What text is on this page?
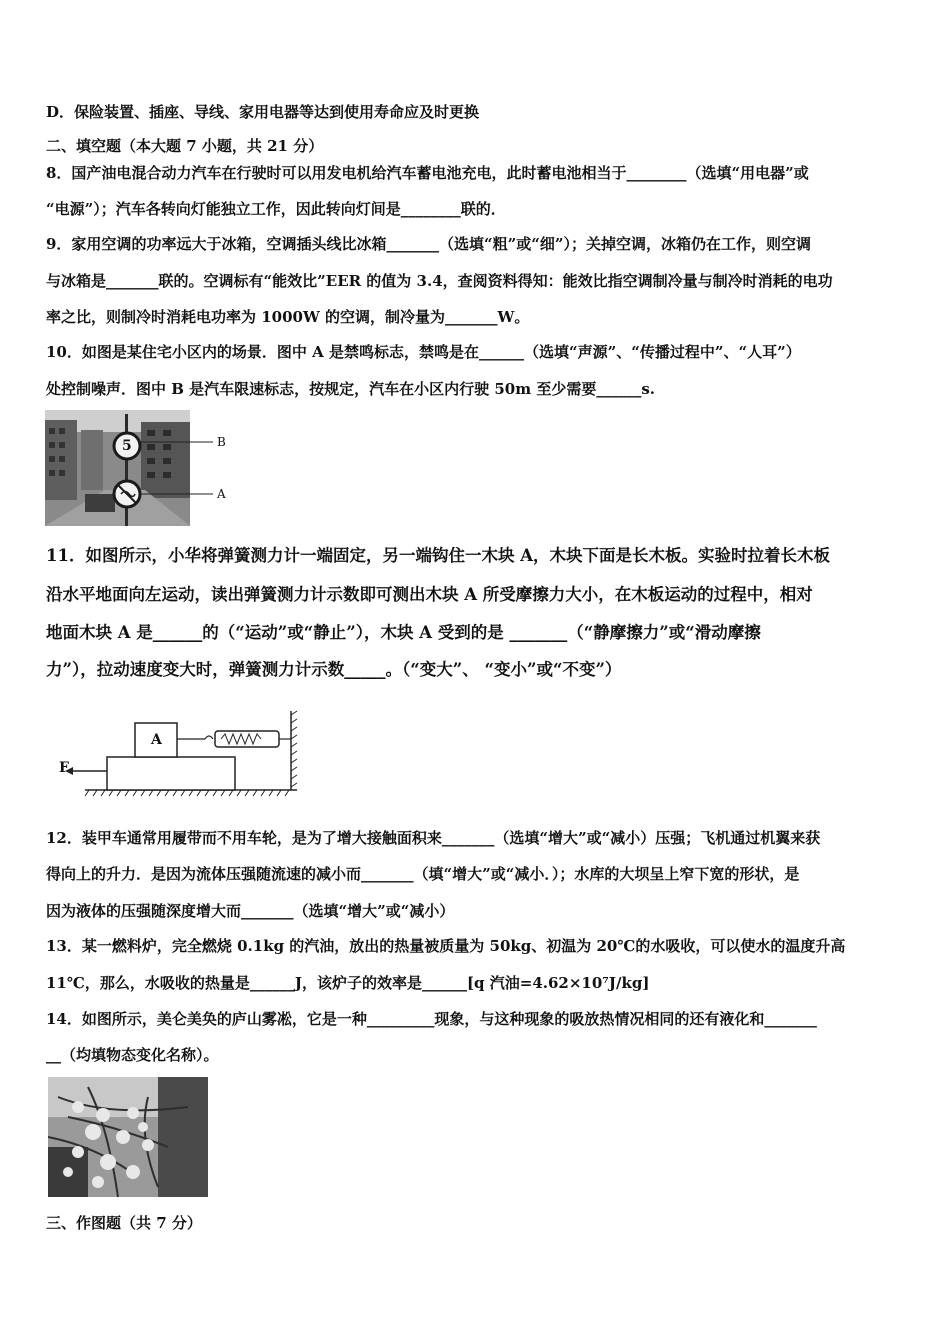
D．保险装置、插座、导线、家用电器等达到使用寿命应及时更换
二、填空题（本大题 7 小题，共 21 分）
8．国产油电混合动力汽车在行驶时可以用发电机给汽车蓄电池充电，此时蓄电池相当于________（选填“用电器”或
“电源”）；汽车各转向灯能独立工作，因此转向灯间是________联的．
9．家用空调的功率远大于冰箱，空调插头线比冰箱_______（选填“粗”或“细”）；关掉空调，冰箱仍在工作，则空调
与冰箱是_______联的。空调标有“能效比”EER 的值为 3.4，查阅资料得知：能效比指空调制冷量与制冷时消耗的电功
率之比，则制冷时消耗电功率为 1000W 的空调，制冷量为_______W。
10．如图是某住宅小区内的场景．图中 A 是禁鸣标志，禁鸣是在______（选填“声源”、“传播过程中”、“人耳”）
处控制噪声．图中 B 是汽车限速标志，按规定，汽车在小区内行驶 50m 至少需要______s.
5	B
A
11．如图所示，小华将弹簧测力计一端固定，另一端钩住一木块 A，木块下面是长木板。实验时拉着长木板
沿水平地面向左运动，读出弹簧测力计示数即可测出木块 A 所受摩擦力大小，在木板运动的过程中，相对
地面木块 A 是______的（“运动”或“静止”），木块 A 受到的是 _______（“静摩擦力”或“滑动摩擦
力”），拉动速度变大时，弹簧测力计示数_____。（“变大”、 “变小”或“不变”）
A
F
12．装甲车通常用履带而不用车轮，是为了增大接触面积来_______（选填“增大”或“减小）压强；飞机通过机翼来获
得向上的升力．是因为流体压强随流速的减小而_______（填“增大”或“减小．）；水库的大坝呈上窄下宽的形状，是
因为液体的压强随深度增大而_______（选填“增大”或“减小）
13．某一燃料炉，完全燃烧 0.1kg 的汽油，放出的热量被质量为 50kg、初温为 20℃的水吸收，可以使水的温度升高
11℃，那么，水吸收的热量是______J，该炉子的效率是______[q 汽油=4.62×10⁷J/kg]
14．如图所示，美仑美奂的庐山雾凇，它是一种_________现象，与这种现象的吸放热情况相同的还有液化和_______
__（均填物态变化名称）。
三、作图题（共 7 分）
